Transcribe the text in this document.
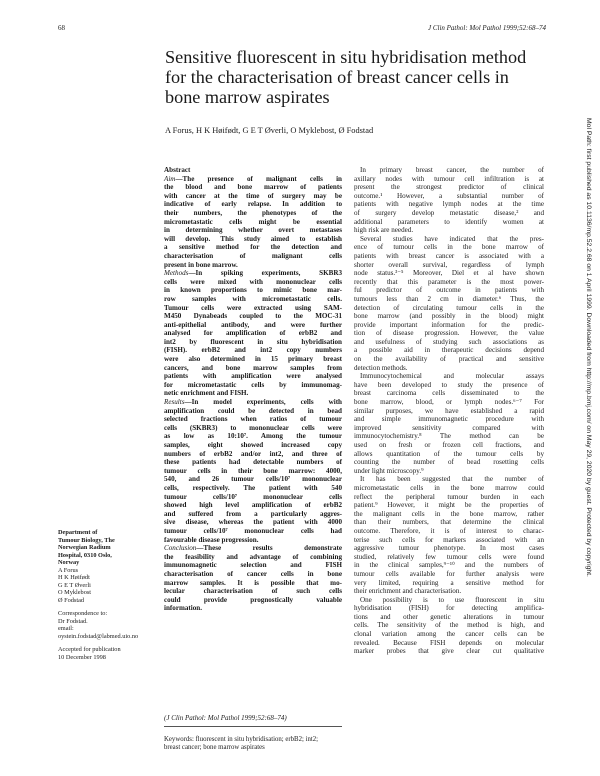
68	J Clin Pathol: Mol Pathol 1999;52:68–74
Sensitive fluorescent in situ hybridisation method
for the characterisation of breast cancer cells in
bone marrow aspirates
A Forus, H K Høifødt, G E T Øverli, O Myklebost, Ø Fodstad	Mol Path: first published as 10.1136/mp.52.2.68 on 1 April 1999. Downloaded from http://mp.bmj.com/ on May 29, 2020 by guest. Protected by copyright.
Abstract
Aim—The presence of malignant cells in
the blood and bone marrow of patients
with cancer at the time of surgery may be
indicative of early relapse. In addition to
their numbers, the phenotypes of the
micrometastatic cells might be essential
in determining whether overt metastases
will develop. This study aimed to establish
a sensitive method for the detection and
characterisation of malignant cells
present in bone marrow.
Methods—In spiking experiments, SKBR3
cells were mixed with mononuclear cells
in known proportions to mimic bone mar-
row samples with micrometastatic cells.
Tumour cells were extracted using SAM-
M450 Dynabeads coupled to the MOC-31
anti-epithelial antibody, and were further
analysed for amplification of erbB2 and
int2 by fluorescent in situ hybridisation
(FISH). erbB2 and int2 copy numbers
were also determined in 15 primary breast
cancers, and bone marrow samples from
patients with amplification were analysed
for micrometastatic cells by immunomag-
netic enrichment and FISH.
Results—In model experiments, cells with
amplification could be detected in bead
selected fractions when ratios of tumour
cells (SKBR3) to mononuclear cells were
as low as 10:10⁷. Among the tumour
samples, eight showed increased copy
numbers of erbB2 and/or int2, and three of
these patients had detectable numbers of
tumour cells in their bone marrow: 4000,
540, and 26 tumour cells/10⁷ mononuclear
cells, respectively. The patient with 540
tumour cells/10⁷ mononuclear cells
showed high level amplification of erbB2
and suffered from a particularly aggres-
sive disease, whereas the patient with 4000
tumour cells/10⁷ mononuclear cells had
favourable disease progression.
Conclusion—These results demonstrate
the feasibility and advantage of combining
immunomagnetic selection and FISH
characterisation of cancer cells in bone
marrow samples. It is possible that mo-
lecular characterisation of such cells
could provide prognostically valuable
information.
In primary breast cancer, the number of
axillary nodes with tumour cell infiltration is at
present the strongest predictor of clinical
outcome.¹ However, a substantial number of
patients with negative lymph nodes at the time
of surgery develop metastatic disease,² and
additional parameters to identify women at
high risk are needed.
Several studies have indicated that the pres-
ence of tumour cells in the bone marrow of
patients with breast cancer is associated with a
shorter overall survival, regardless of lymph
node status.³⁻⁵ Moreover, Diel et al have shown
recently that this parameter is the most power-
ful predictor of outcome in patients with
tumours less than 2 cm in diameter.⁶ Thus, the
detection of circulating tumour cells in the
bone marrow (and possibly in the blood) might
provide important information for the predic-
tion of disease progression. However, the value
and usefulness of studying such associations as
a possible aid in therapeutic decisions depend
on the availability of practical and sensitive
detection methods.
Immunocytochemical and molecular assays
have been developed to study the presence of
breast carcinoma cells disseminated to the
bone marrow, blood, or lymph nodes.⁶⁻⁷ For
similar purposes, we have established a rapid
and simple immunomagnetic procedure with
improved sensitivity compared with
immunocytochemistry.⁸ The method can be
used on fresh or frozen cell fractions, and
allows quantitation of the tumour cells by
counting the number of bead rosetting cells
under light microscopy.⁹
It has been suggested that the number of
micrometastatic cells in the bone marrow could
reflect the peripheral tumour burden in each
patient.⁹ However, it might be the properties of
the malignant cells in the bone marrow, rather
than their numbers, that determine the clinical
outcome. Therefore, it is of interest to charac-
terise such cells for markers associated with an
aggressive tumour phenotype. In most cases
studied, relatively few tumour cells were found
in the clinical samples,⁹⁻¹⁰ and the numbers of
tumour cells available for further analysis were
very limited, requiring a sensitive method for
their enrichment and characterisation.
One possibility is to use fluorescent in situ
hybridisation (FISH) for detecting amplifica-
tions and other genetic alterations in tumour
cells. The sensitivity of the method is high, and
clonal variation among the cancer cells can be
revealed. Because FISH depends on molecular
marker probes that give clear cut qualitative
Department of
Tumour Biology, The
Norwegian Radium
Hospital, 0310 Oslo,
Norway
A Forus
H K Høifødt
G E T Øverli
O Myklebost
Ø Fodstad
Correspondence to:
Dr Fodstad.
email:
oystein.fodstad@labmed.uio.no
Accepted for publication
10 December 1998
(J Clin Pathol: Mol Pathol 1999;52:68–74)
Keywords: fluorescent in situ hybridisation; erbB2; int2;
breast cancer; bone marrow aspirates
